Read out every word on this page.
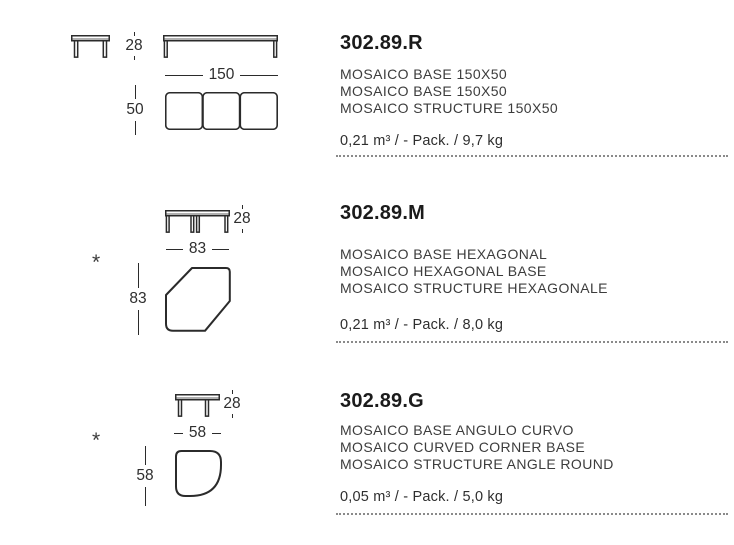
28
150
50
302.89.R
MOSAICO BASE 150X50
MOSAICO BASE 150X50
MOSAICO STRUCTURE 150X50
0,21 m³ / - Pack. / 9,7 kg
28
83
*
83
302.89.M
MOSAICO BASE HEXAGONAL
MOSAICO HEXAGONAL BASE
MOSAICO STRUCTURE HEXAGONALE
0,21 m³ / - Pack. / 8,0 kg
28
58
*
58
302.89.G
MOSAICO BASE ANGULO CURVO
MOSAICO CURVED CORNER BASE
MOSAICO STRUCTURE ANGLE ROUND
0,05 m³ / - Pack. / 5,0 kg
